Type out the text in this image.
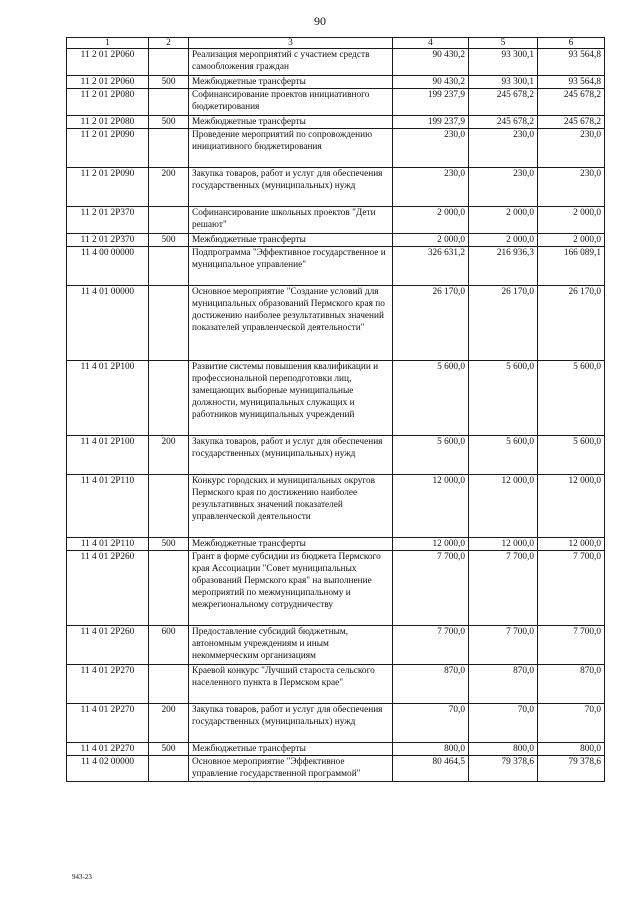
90
1	2	3	4	5	6
11 2 01 2P060		Реализация мероприятий с участием средств самообложения граждан	90 430,2	93 300,1	93 564,8
11 2 01 2P060	500	Межбюджетные трансферты	90 430,2	93 300,1	93 564,8
11 2 01 2P080		Софинансирование проектов инициативного бюджетирования	199 237,9	245 678,2	245 678,2
11 2 01 2P080	500	Межбюджетные трансферты	199 237,9	245 678,2	245 678,2
11 2 01 2P090		Проведение мероприятий по сопровождению инициативного бюджетирования	230,0	230,0	230,0
11 2 01 2P090	200	Закупка товаров, работ и услуг для обеспечения государственных (муниципальных) нужд	230,0	230,0	230,0
11 2 01 2P370		Софинансирование школьных проектов "Дети решают"	2 000,0	2 000,0	2 000,0
11 2 01 2P370	500	Межбюджетные трансферты	2 000,0	2 000,0	2 000,0
11 4 00 00000		Подпрограмма "Эффективное государственное и муниципальное управление"	326 631,2	216 936,3	166 089,1
11 4 01 00000		Основное мероприятие "Создание условий для муниципальных образований Пермского края по достижению наиболее результативных значений показателей управленческой деятельности"	26 170,0	26 170,0	26 170,0
11 4 01 2P100		Развитие системы повышения квалификации и профессиональной переподготовки лиц, замещающих выборные муниципальные должности, муниципальных служащих и работников муниципальных учреждений	5 600,0	5 600,0	5 600,0
11 4 01 2P100	200	Закупка товаров, работ и услуг для обеспечения государственных (муниципальных) нужд	5 600,0	5 600,0	5 600,0
11 4 01 2P110		Конкурс городских и муниципальных округов Пермского края по достижению наиболее результативных значений показателей управленческой деятельности	12 000,0	12 000,0	12 000,0
11 4 01 2P110	500	Межбюджетные трансферты	12 000,0	12 000,0	12 000,0
11 4 01 2P260		Грант в форме субсидии из бюджета Пермского края Ассоциации "Совет муниципальных образований Пермского края" на выполнение мероприятий по межмуниципальному и межрегиональному сотрудничеству	7 700,0	7 700,0	7 700,0
11 4 01 2P260	600	Предоставление субсидий бюджетным, автономным учреждениям и иным некоммерческим организациям	7 700,0	7 700,0	7 700,0
11 4 01 2P270		Краевой конкурс "Лучший староста сельского населенного пункта в Пермском крае"	870,0	870,0	870,0
11 4 01 2P270	200	Закупка товаров, работ и услуг для обеспечения государственных (муниципальных) нужд	70,0	70,0	70,0
11 4 01 2P270	500	Межбюджетные трансферты	800,0	800,0	800,0
11 4 02 00000		Основное мероприятие "Эффективное управление государственной программой"	80 464,5	79 378,6	79 378,6
943-23
